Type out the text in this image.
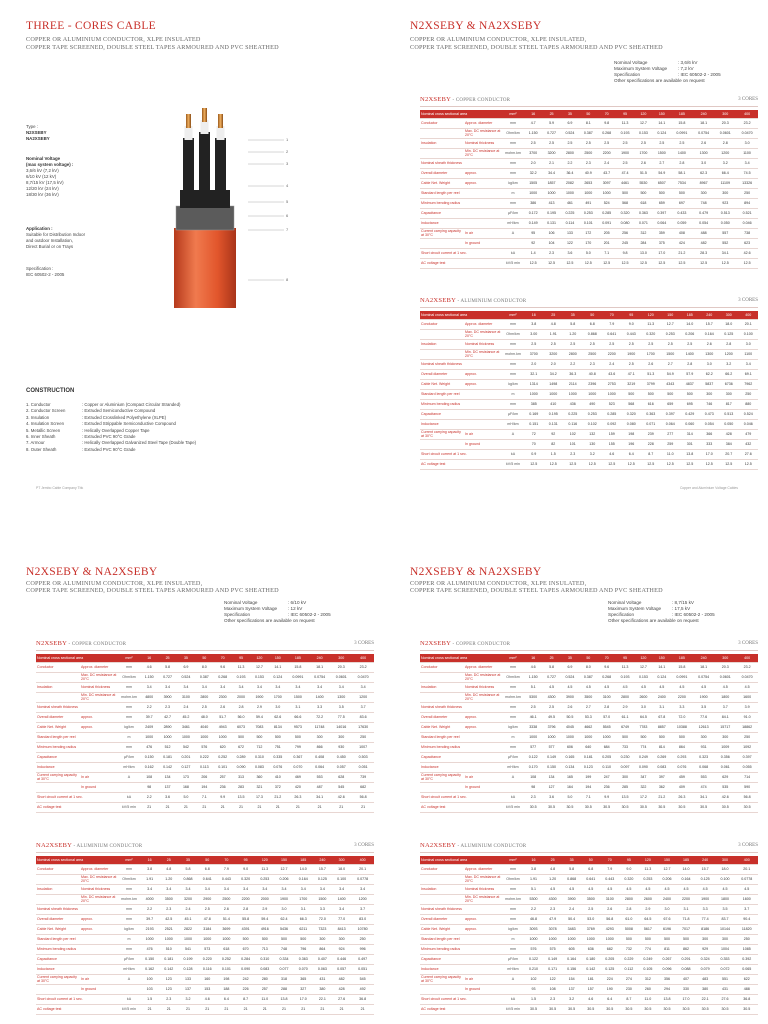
THREE - CORES CABLE
COPPER OR ALUMINIUM CONDUCTOR, XLPE INSULATED
COPPER TAPE SCREENED, DOUBLE STEEL TAPES ARMOURED AND PVC SHEATHED
Type :
N2XSEBY
NA2XSEBY
Nominal Voltage
(max system voltage) :
3,6/6 kV (7,2 kV)
6/10 kV (12 kV)
8,7/15 kV (17,5 kV)
12/20 kV (24 kV)
18/30 kV (36 kV)
Application :
Suitable for Distribution Indoor
and outdoor Installation,
Direct Burial or on Trays
Specification :
IEC 60502-2 - 2005
1
2
3
4
5
6
7
8
CONSTRUCTION
1. Conductor	: Copper or Aluminium (Compact Circular Stranded)
2. Conductor Screen	: Extruded Semiconductive Compound
3. Insulation	: Extruded Crosslinked Polyethylene (XLPE)
4. Insulation Screen	: Extruded Strippable Semiconductive Compound
5. Metallic Screen	: Helically Overlapped Copper Tape
6. Inner Sheath	: Extruded PVC 90°C Grade
7. Armour	: Helically Overlapped Galvanized Steel Tape (Double Tape)
8. Outer Sheath	: Extruded PVC 90°C Grade
PT Jembo Cable Company Tbk
N2XSEBY & NA2XSEBY
COPPER OR ALUMINIUM CONDUCTOR, XLPE INSULATED,
COPPER TAPE SCREENED, DOUBLE STEEL TAPES ARMOURED AND PVC SHEATHED
Nominal Voltage	: 3,6/6 kV
Maximum System Voltage	: 7,2 kV
Specification	: IEC 60502-2 - 2005
Other specifications are available on request
N2XSEBY - COPPER CONDUCTOR	3 CORES
Nominal cross sectional area		mm²	16	25	35	50	70	95	120	150	185	240	300	400
Conductor	Approx. diameter	mm	4.7	5.9	6.9	8.1	9.8	11.3	12.7	14.1	15.8	18.1	20.3	23.2
	Max. DC resistance at 20°C	Ohm/km	1.150	0.727	0.524	0.387	0.268	0.193	0.153	0.124	0.0991	0.0754	0.0601	0.0470
Insulation	Nominal thickness	mm	2.5	2.5	2.5	2.5	2.5	2.5	2.5	2.5	2.5	2.6	2.8	3.0
	Min. DC resistance at 20°C	mohm.km	3700	3200	2800	2500	2200	1900	1700	1500	1400	1300	1200	1100
Nominal sheath thickness		mm	2.0	2.1	2.2	2.3	2.4	2.5	2.6	2.7	2.8	3.0	3.2	3.4
Overall diameter	approx.	mm	32.2	34.4	36.4	40.9	43.7	47.4	51.5	54.9	58.1	62.3	66.4	74.5
Cable Net. Weight	approx.	kg/km	1505	1857	2082	2653	3097	4461	5530	6507	7534	8967	11109	13326
Standard length per reel		m	1000	1000	1000	1000	1000	500	500	500	500	300	300	250
Minimum bending radius		mm	386	413	461	491	524	568	618	659	697	748	923	894
Capacitance		µF/km	0.172	0.195	0.225	0.253	0.285	0.320	0.363	0.397	0.433	0.479	0.513	0.521
Inductance		mH/km	0.149	0.131	0.114	0.101	0.091	0.080	0.071	0.064	0.059	0.054	0.050	0.046
Current carrying capacity at 30°C	In air	A	95	106	133	172	205	256	312	359	408	488	557	738
	In ground		92	104	122	170	201	245	284	375	424	482	552	623
Short circuit current at 1 sec.		kA	1.4	2.3	3.6	5.0	7.1	9.8	13.0	17.0	21.2	28.3	34.1	42.6
AC voltage test		kV/5 min	12.5	12.5	12.5	12.5	12.5	12.5	12.5	12.5	12.5	12.5	12.5	12.5
NA2XSEBY - ALUMINIUM CONDUCTOR	3 CORES
Nominal cross sectional area		mm²	16	25	35	50	70	95	120	150	185	240	300	400
Conductor	Approx. diameter	mm	3.8	4.8	5.8	6.8	7.9	9.0	11.3	12.7	14.0	15.7	18.0	20.1
	Max. DC resistance at 20°C	Ohm/km	3.00	1.91	1.20	0.868	0.641	0.443	0.320	0.253	0.206	0.164	0.125	0.100
Insulation	Nominal thickness	mm	2.5	2.5	2.5	2.5	2.5	2.5	2.5	2.5	2.5	2.6	2.8	3.0
	Min. DC resistance at 20°C	mohm.km	3700	3200	2800	2500	2200	1900	1700	1500	1400	1300	1200	1100
Nominal sheath thickness		mm	2.0	2.0	2.2	2.3	2.4	2.5	2.6	2.7	2.8	3.0	3.2	3.4
Overall diameter	approx.	mm	32.1	34.2	36.3	40.8	43.6	47.1	51.3	54.9	57.9	62.2	66.2	69.1
Cable Net. Weight	approx.	kg/km	1314	1498	2114	2396	2753	3219	3799	4343	4837	5837	6736	7962
Standard length per reel		m	1000	1000	1000	1000	1000	500	500	500	500	300	300	250
Minimum bending radius		mm	385	410	436	490	523	568	616	659	695	746	817	880
Capacitance		µF/km	0.169	0.195	0.225	0.253	0.285	0.320	0.363	0.397	0.429	0.473	0.513	0.524
Inductance		mH/km	0.151	0.131	0.116	0.102	0.092	0.080	0.071	0.064	0.060	0.054	0.050	0.046
Current carrying capacity at 30°C	In air	A	72	92	102	132	159	198	239	277	314	366	428	479
	In ground		70	82	101	130	155	196	228	259	301	333	384	432
Short circuit current at 1 sec.		kA	0.9	1.5	2.3	3.2	4.6	6.4	8.7	11.0	13.8	17.0	20.7	27.6
AC voltage test		kV/5 min	12.5	12.5	12.5	12.5	12.5	12.5	12.5	12.5	12.5	12.5	12.5	12.5
Copper and Aluminium Voltage Cables
N2XSEBY & NA2XSEBY
COPPER OR ALUMINIUM CONDUCTOR, XLPE INSULATED,
COPPER TAPE SCREENED, DOUBLE STEEL TAPES ARMOURED AND PVC SHEATHED
Nominal Voltage	: 6/10 kV
Maximum System Voltage	: 12 kV
Specification	: IEC 60502-2 - 2005
Other specifications are available on request
N2XSEBY - COPPER CONDUCTOR	3 CORES
Nominal cross sectional area		mm²	16	25	35	50	70	95	120	150	185	240	300	400
Conductor	Approx. diameter	mm	4.6	5.8	6.9	8.0	9.6	11.3	12.7	14.1	15.8	18.1	20.3	23.2
	Max. DC resistance at 20°C	Ohm/km	1.150	0.727	0.524	0.387	0.268	0.193	0.153	0.124	0.0991	0.0754	0.0601	0.0470
Insulation	Nominal thickness	mm	3.4	3.4	3.4	3.4	3.4	3.4	3.4	3.4	3.4	3.4	3.4	3.4
	Min. DC resistance at 20°C	mohm.km	4800	3900	3100	2800	2300	2000	1900	1700	1500	1400	1300	1200
Nominal sheath thickness		mm	2.2	2.3	2.4	2.5	2.6	2.8	2.9	3.0	3.1	3.3	3.5	3.7
Overall diameter	approx.	mm	39.7	42.7	45.2	48.0	51.7	56.0	59.4	62.6	66.6	72.2	77.5	83.6
Cable Net. Weight	approx.	kg/km	2409	2890	3461	4040	4943	6073	7083	8134	9573	11748	14016	17630
Standard length per reel		m	1000	1000	1000	1000	1000	500	500	500	500	300	300	250
Minimum bending radius		mm	476	512	542	576	620	672	712	751	799	866	930	1007
Capacitance		µF/km	0.150	0.181	0.201	0.222	0.252	0.289	0.310	0.335	0.367	0.408	0.450	0.503
Inductance		mH/km	0.162	0.142	0.127	0.113	0.101	0.090	0.083	0.076	0.070	0.064	0.057	0.051
Current carrying capacity at 30°C	In air	A	108	134	173	206	257	313	360	410	469	553	628	739
	In ground		98	137	168	194	236	283	321	372	420	487	545	682
Short circuit current at 1 sec.		kA	2.2	3.6	5.0	7.1	9.9	13.5	17.3	21.2	26.3	34.1	42.6	56.8
AC voltage test		kV/5 min	21	21	21	21	21	21	21	21	21	21	21	21
NA2XSEBY - ALUMINIUM CONDUCTOR	3 CORES
Nominal cross sectional area		mm²	16	25	35	50	70	95	120	150	185	240	300	400
Conductor	Approx. diameter	mm	3.8	4.8	5.8	6.8	7.9	9.0	11.3	12.7	14.0	15.7	18.0	20.1
	Max. DC resistance at 20°C	Ohm/km	1.91	1.20	0.868	0.641	0.443	0.320	0.253	0.206	0.164	0.125	0.100	0.0778
Insulation	Nominal thickness	mm	3.4	3.4	3.4	3.4	3.4	3.4	3.4	3.4	3.4	3.4	3.4	3.4
	Min. DC resistance at 20°C	mohm.km	4000	3500	3200	2900	2500	2200	2000	1900	1700	1500	1400	1200
Nominal sheath thickness		mm	2.2	2.3	2.4	2.5	2.6	2.8	2.9	3.0	3.1	3.3	3.4	3.7
Overall diameter	approx.	mm	39.7	42.5	45.1	47.8	51.4	55.8	59.4	62.4	66.3	72.0	77.0	83.0
Cable Net. Weight	approx.	kg/km	2193	2521	2822	3184	3699	4391	4916	5436	6211	7323	8413	10780
Standard length per reel		m	1000	1000	1000	1000	1000	500	500	500	500	300	300	250
Minimum bending radius		mm	476	510	541	573	618	670	713	748	796	864	924	996
Capacitance		µF/km	0.150	0.181	0.199	0.220	0.252	0.284	0.310	0.334	0.363	0.407	0.446	0.497
Inductance		mH/km	0.162	0.142	0.128	0.116	0.101	0.090	0.083	0.077	0.070	0.063	0.057	0.051
Current carrying capacity at 30°C	In air	A	100	123	133	160	198	242	280	318	365	431	482	545
	In ground		103	123	137	153	188	226	257	288	327	380	428	492
Short circuit current at 1 sec.		kA	1.5	2.3	3.2	4.6	6.4	8.7	11.0	13.8	17.0	22.1	27.6	36.8
AC voltage test		kV/5 min	21	21	21	21	21	21	21	21	21	21	21	21
N2XSEBY & NA2XSEBY
COPPER OR ALUMINIUM CONDUCTOR, XLPE INSULATED,
COPPER TAPE SCREENED, DOUBLE STEEL TAPES ARMOURED AND PVC SHEATHED
Nominal Voltage	: 8,7/15 kV
Maximum System Voltage	: 17,5 kV
Specification	: IEC 60502-2 - 2005
Other specifications are available on request
N2XSEBY - COPPER CONDUCTOR	3 CORES
Nominal cross sectional area		mm²	16	25	35	50	70	95	120	150	185	240	300	400
Conductor	Approx. diameter	mm	4.6	5.8	6.9	8.0	9.6	11.3	12.7	14.1	15.8	18.1	20.3	23.2
	Max. DC resistance at 20°C	Ohm/km	1.150	0.727	0.524	0.387	0.268	0.193	0.153	0.124	0.0991	0.0754	0.0601	0.0470
Insulation	Nominal thickness	mm	5.1	4.5	4.5	4.5	4.5	4.5	4.5	4.5	4.5	4.5	4.5	4.5
	Min. DC resistance at 20°C	mohm.km	5300	4300	3900	3500	3100	2800	2600	2400	2200	1900	1800	1600
Nominal sheath thickness		mm	2.5	2.5	2.6	2.7	2.8	2.9	3.0	3.1	3.3	3.5	3.7	3.9
Overall diameter	approx.	mm	46.1	49.5	50.5	53.3	57.0	61.1	64.5	67.8	72.0	77.6	84.1	91.0
Cable Net. Weight	approx.	kg/km	3338	3796	4045	4662	5545	6749	7783	8857	10388	12613	15717	18862
Standard length per reel		m	1000	1000	1000	1000	1000	500	500	500	500	300	300	250
Minimum bending radius		mm	577	577	606	640	684	733	774	814	864	931	1009	1092
Capacitance		µF/km	0.122	0.149	0.165	0.181	0.205	0.230	0.249	0.269	0.293	0.323	0.356	0.397
Inductance		mH/km	0.170	0.150	0.134	0.123	0.110	0.097	0.090	0.083	0.076	0.068	0.061	0.055
Current carrying capacity at 30°C	In air	A	108	134	165	199	247	300	347	397	459	553	629	714
	In ground		98	127	164	194	236	285	322	362	409	474	535	590
Short circuit current at 1 sec.		kA	2.3	3.6	5.0	7.1	9.9	13.5	17.2	21.2	26.3	34.1	42.6	56.8
AC voltage test		kV/5 min	30.5	30.5	30.5	30.5	30.5	30.5	30.5	30.5	30.5	30.5	30.5	30.5
NA2XSEBY - ALUMINIUM CONDUCTOR	3 CORES
Nominal cross sectional area		mm²	16	25	35	50	70	95	120	150	185	240	300	400
Conductor	Approx. diameter	mm	3.8	4.8	5.8	6.8	7.9	9.0	11.3	12.7	14.0	15.7	18.0	20.1
	Max. DC resistance at 20°C	Ohm/km	1.91	1.20	0.868	0.641	0.443	0.320	0.253	0.206	0.164	0.125	0.100	0.0778
Insulation	Nominal thickness	mm	5.1	4.5	4.5	4.5	4.5	4.5	4.5	4.5	4.5	4.5	4.5	4.5
	Min. DC resistance at 20°C	mohm.km	5300	4300	3900	3500	3100	2800	2600	2400	2200	1900	1800	1600
Nominal sheath thickness		mm	2.2	2.3	2.4	2.5	2.6	2.8	2.9	3.0	3.1	3.3	3.5	3.7
Overall diameter	approx.	mm	46.8	47.9	50.4	53.0	56.8	61.0	64.5	67.6	71.8	77.4	83.7	90.4
Cable Net. Weight	approx.	kg/km	3093	3078	3483	3769	4293	5008	5617	6196	7017	8186	10144	11820
Standard length per reel		m	1000	1000	1000	1000	1000	500	500	500	500	300	300	250
Minimum bending radius		mm	576	575	605	636	682	732	774	811	862	929	1004	1085
Capacitance		µF/km	0.122	0.149	0.164	0.180	0.205	0.229	0.249	0.267	0.291	0.324	0.353	0.392
Inductance		mH/km	0.210	0.171	0.156	0.142	0.125	0.112	0.105	0.096	0.088	0.079	0.072	0.065
Current carrying capacity at 30°C	In air	A	102	122	154	181	224	274	312	356	407	483	551	622
	In ground		93	108	137	157	190	230	260	294	330	380	431	488
Short circuit current at 1 sec.		kA	1.5	2.3	3.2	4.6	6.4	8.7	11.0	13.8	17.0	22.1	27.6	36.8
AC voltage test		kV/5 min	30.5	30.5	30.5	30.5	30.5	30.5	30.5	30.5	30.5	30.5	30.5	30.5
